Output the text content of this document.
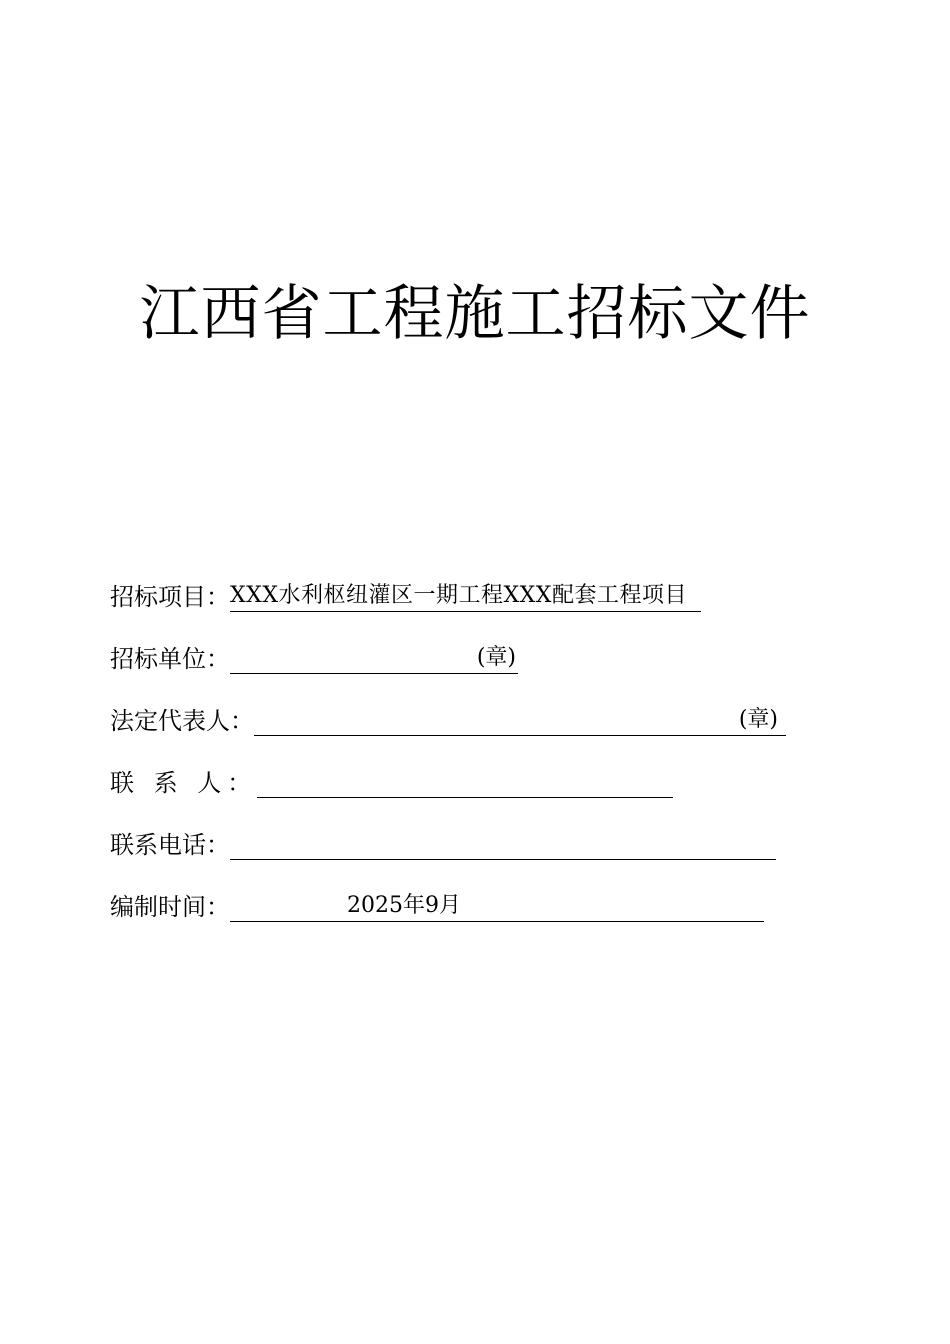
江西省工程施工招标文件
招标项目： XXX水利枢纽灌区一期工程XXX配套工程项目
招标单位：	(章)
法定代表人：	(章)
联 系 人：
联系电话：
编制时间：	2025年9月
